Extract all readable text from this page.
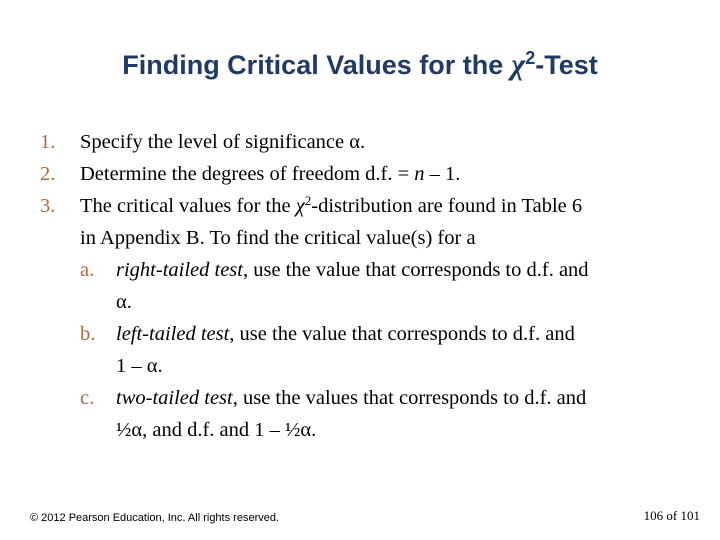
Finding Critical Values for the $\chi^2$-Test
1. Specify the level of significance α.
2. Determine the degrees of freedom d.f. = n – 1.
3. The critical values for the $\chi^2$-distribution are found in Table 6
in Appendix B. To find the critical value(s) for a
a. right-tailed test, use the value that corresponds to d.f. and
α.
b. left-tailed test, use the value that corresponds to d.f. and
1 – α.
c. two-tailed test, use the values that corresponds to d.f. and
½α, and d.f. and 1 – ½α.
© 2012 Pearson Education, Inc. All rights reserved.	106 of 101
